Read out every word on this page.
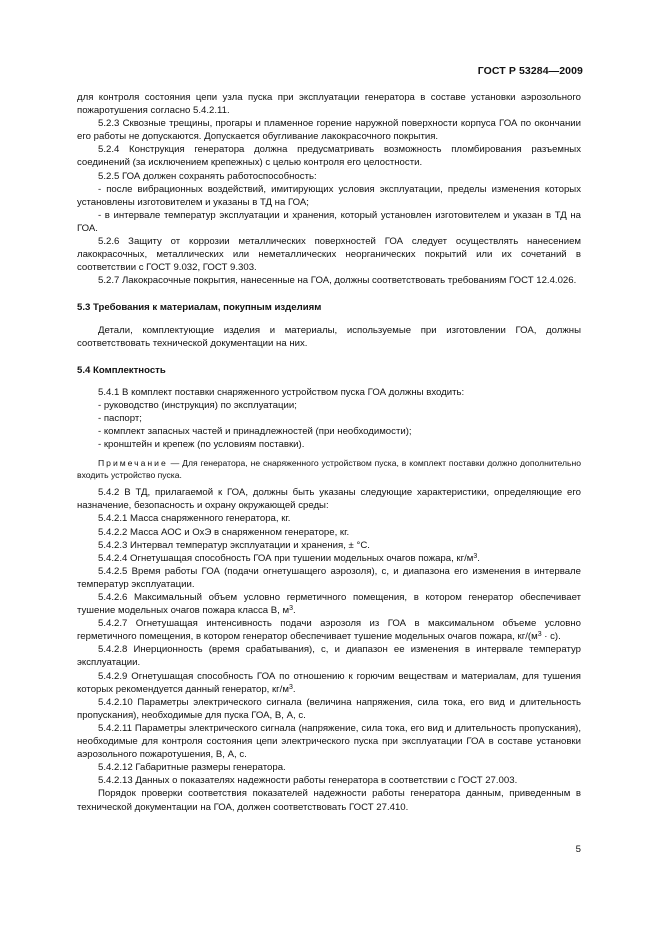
ГОСТ Р 53284—2009

для контроля состояния цепи узла пуска при эксплуатации генератора в составе установки аэрозольного пожаротушения согласно 5.4.2.11.

5.2.3 Сквозные трещины, прогары и пламенное горение наружной поверхности корпуса ГОА по окончании его работы не допускаются. Допускается обугливание лакокрасочного покрытия.

5.2.4 Конструкция генератора должна предусматривать возможность пломбирования разъемных соединений (за исключением крепежных) с целью контроля его целостности.

5.2.5 ГОА должен сохранять работоспособность:

- после вибрационных воздействий, имитирующих условия эксплуатации, пределы изменения которых установлены изготовителем и указаны в ТД на ГОА;

- в интервале температур эксплуатации и хранения, который установлен изготовителем и указан в ТД на ГОА.

5.2.6 Защиту от коррозии металлических поверхностей ГОА следует осуществлять нанесением лакокрасочных, металлических или неметаллических неорганических покрытий или их сочетаний в соответствии с ГОСТ 9.032, ГОСТ 9.303.

5.2.7 Лакокрасочные покрытия, нанесенные на ГОА, должны соответствовать требованиям ГОСТ 12.4.026.

5.3 Требования к материалам, покупным изделиям

Детали, комплектующие изделия и материалы, используемые при изготовлении ГОА, должны соответствовать технической документации на них.

5.4 Комплектность

5.4.1 В комплект поставки снаряженного устройством пуска ГОА должны входить:

- руководство (инструкция) по эксплуатации;

- паспорт;

- комплект запасных частей и принадлежностей (при необходимости);

- кронштейн и крепеж (по условиям поставки).

Примечание — Для генератора, не снаряженного устройством пуска, в комплект поставки должно дополнительно входить устройство пуска.

5.4.2 В ТД, прилагаемой к ГОА, должны быть указаны следующие характеристики, определяющие его назначение, безопасность и охрану окружающей среды:

5.4.2.1 Масса снаряженного генератора, кг.

5.4.2.2 Масса АОС и ОхЭ в снаряженном генераторе, кг.

5.4.2.3 Интервал температур эксплуатации и хранения, ± °С.

5.4.2.4 Огнетушащая способность ГОА при тушении модельных очагов пожара, $кг/м^3$.

5.4.2.5 Время работы ГОА (подачи огнетушащего аэрозоля), с, и диапазона его изменения в интервале температур эксплуатации.

5.4.2.6 Максимальный объем условно герметичного помещения, в котором генератор обеспечивает тушение модельных очагов пожара класса В, $м^3$.

5.4.2.7 Огнетушащая интенсивность подачи аэрозоля из ГОА в максимальном объеме условно герметичного помещения, в котором генератор обеспечивает тушение модельных очагов пожара, $кг/(м^3 \cdot с)$.

5.4.2.8 Инерционность (время срабатывания), с, и диапазон ее изменения в интервале температур эксплуатации.

5.4.2.9 Огнетушащая способность ГОА по отношению к горючим веществам и материалам, для тушения которых рекомендуется данный генератор, $кг/м^3$.

5.4.2.10 Параметры электрического сигнала (величина напряжения, сила тока, его вид и длительность пропускания), необходимые для пуска ГОА, В, А, с.

5.4.2.11 Параметры электрического сигнала (напряжение, сила тока, его вид и длительность пропускания), необходимые для контроля состояния цепи электрического пуска при эксплуатации ГОА в составе установки аэрозольного пожаротушения, В, А, с.

5.4.2.12 Габаритные размеры генератора.

5.4.2.13 Данных о показателях надежности работы генератора в соответствии с ГОСТ 27.003.

Порядок проверки соответствия показателей надежности работы генератора данным, приведенным в технической документации на ГОА, должен соответствовать ГОСТ 27.410.

5
